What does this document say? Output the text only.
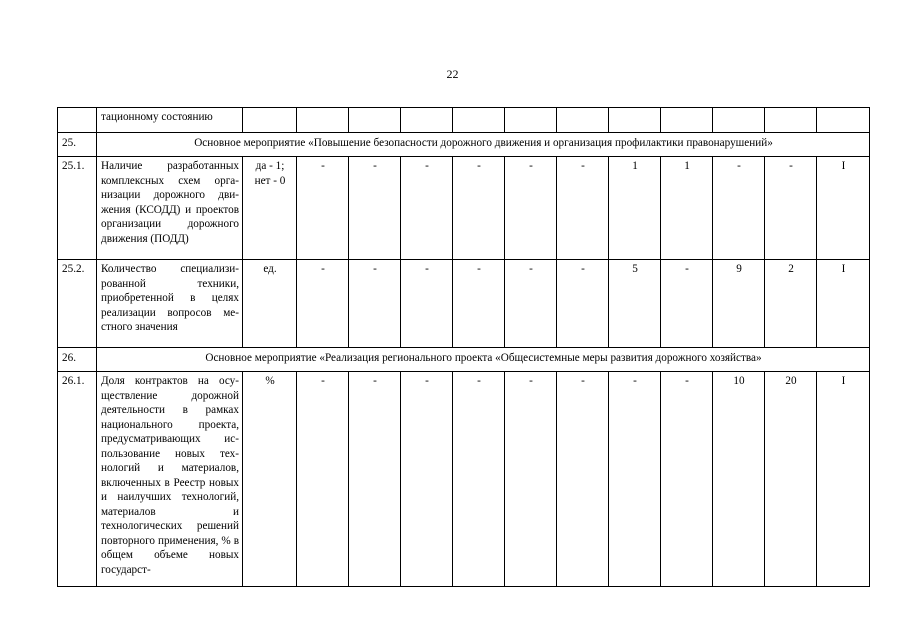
22
	тационному состоянию												
25.	Основное мероприятие «Повышение безопасности дорожного движения и организация профилактики правонарушений»												
25.1.	Наличие разработанных комплексных схем организации дорожного движения (КСОДД) и проектов организации дорожного движения (ПОДД)	да - 1; нет - 0	-	-	-	-	-	-	1	1	-	-	I
25.2.	Количество специализированной техники, приобретенной в целях реализации вопросов местного значения	ед.	-	-	-	-	-	-	5	-	9	2	I
26.	Основное мероприятие «Реализация регионального проекта «Общесистемные меры развития дорожного хозяйства»												
26.1.	Доля контрактов на осуществление дорожной деятельности в рамках национального проекта, предусматривающих использование новых технологий и материалов, включенных в Реестр новых и наилучших технологий, материалов и технологических решений повторного применения, % в общем объеме новых государст-	%	-	-	-	-	-	-	-	-	10	20	I
